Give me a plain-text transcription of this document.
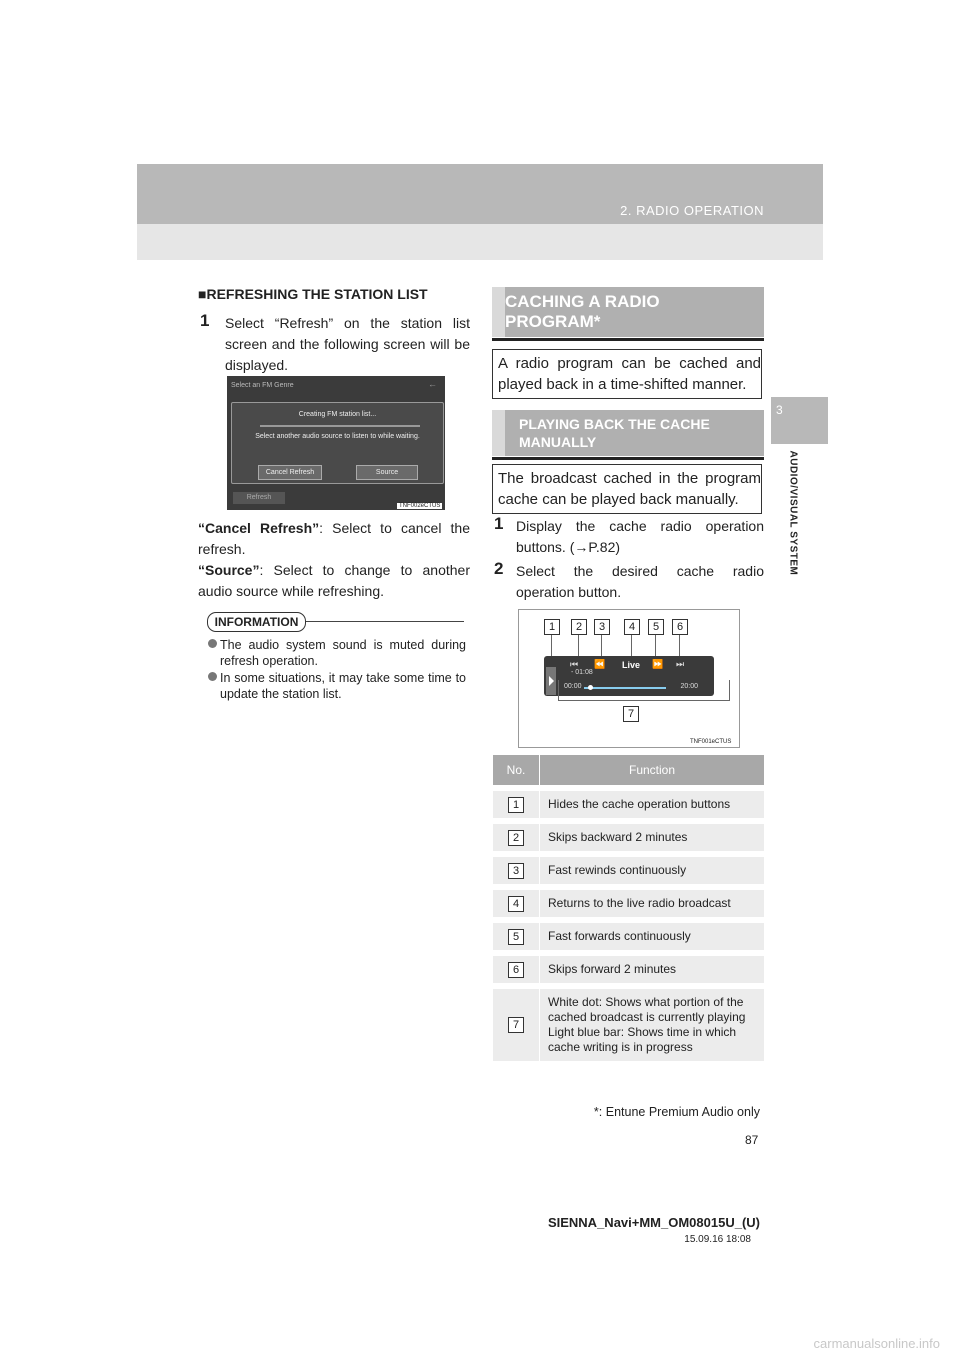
2. RADIO OPERATION
3
AUDIO/VISUAL SYSTEM
■REFRESHING THE STATION LIST
1 Select “Refresh” on the station list screen and the following screen will be displayed.
Select an FM Genre	←
Creating FM station list...
Select another audio source to listen to while waiting.
Cancel Refresh	Source
Refresh
TNF002eCTUS
“Cancel Refresh”: Select to cancel the refresh.
“Source”: Select to change to another audio source while refreshing.
INFORMATION
The audio system sound is muted during refresh operation.
In some situations, it may take some time to update the station list.
CACHING A RADIO PROGRAM*
A radio program can be cached and played back in a time-shifted manner.
PLAYING BACK THE CACHE MANUALLY
The broadcast cached in the program cache can be played back manually.
1 Display the cache radio operation buttons. (→P.82)
2 Select the desired cache radio operation button.
1	2	3	4	5	6
⏮ ⏪ Live ⏩ ⏭
- 01:08
00:00	20:00
7
TNF001eCTUS
No.	Function
1	Hides the cache operation buttons
2	Skips backward 2 minutes
3	Fast rewinds continuously
4	Returns to the live radio broadcast
5	Fast forwards continuously
6	Skips forward 2 minutes
7	White dot: Shows what portion of the cached broadcast is currently playing
Light blue bar: Shows time in which cache writing is in progress
*: Entune Premium Audio only
87
SIENNA_Navi+MM_OM08015U_(U)
15.09.16 18:08
carmanualsonline.info
